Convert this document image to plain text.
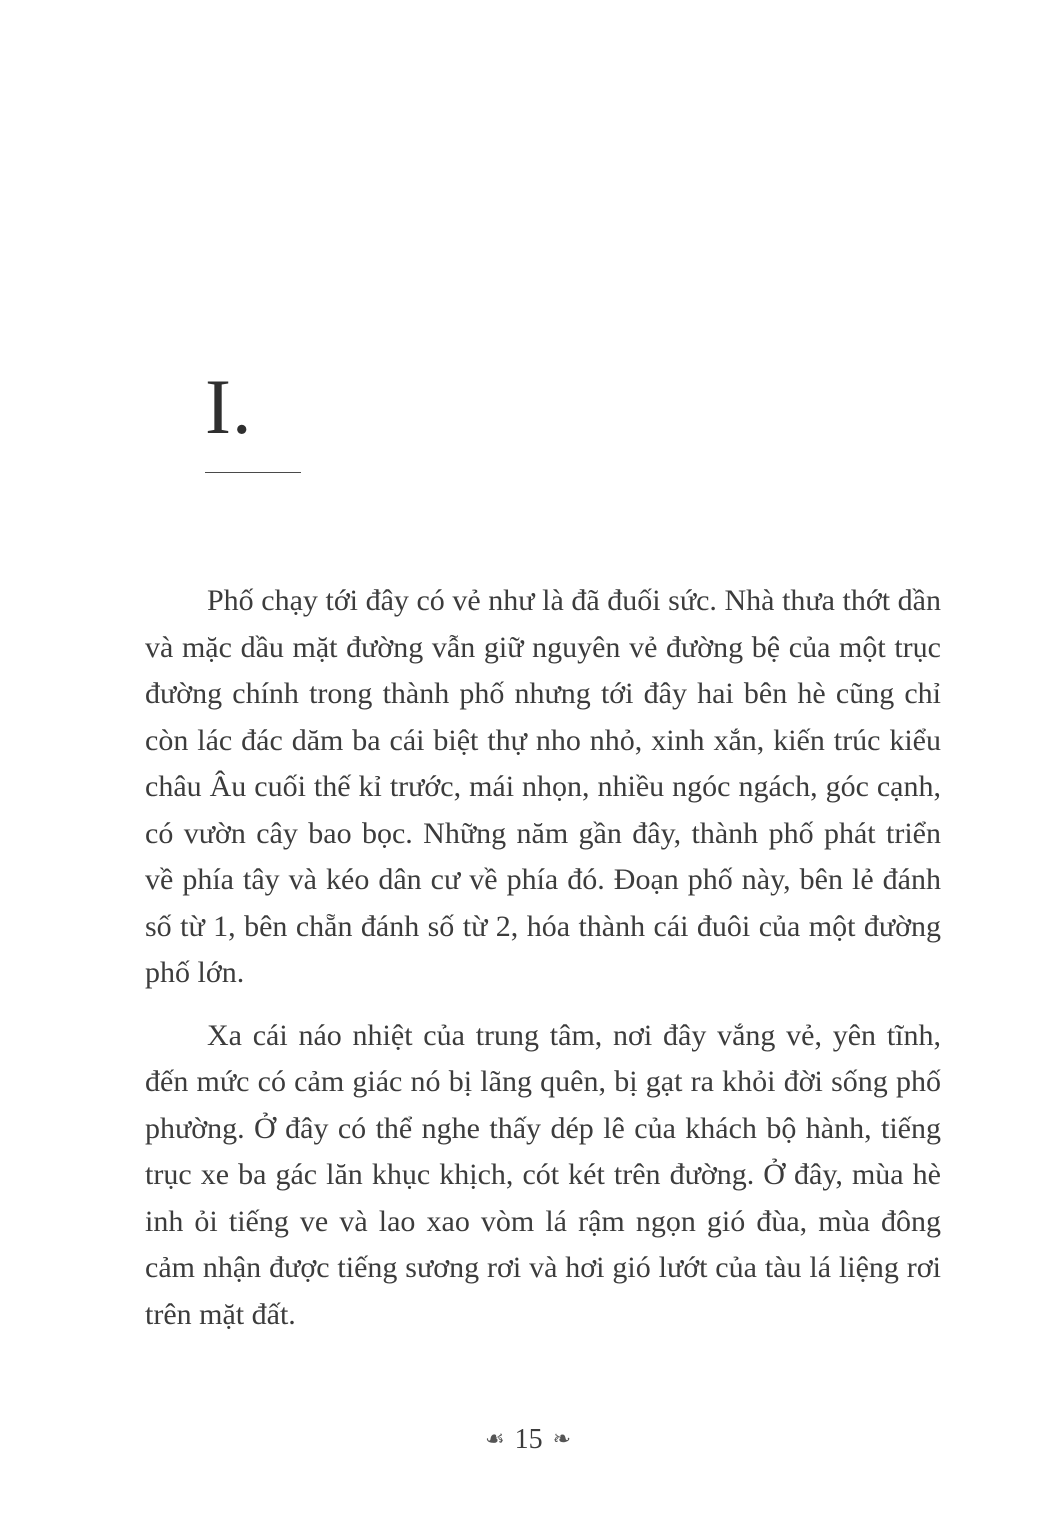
I.

Phố chạy tới đây có vẻ như là đã đuối sức. Nhà thưa thớt dần và mặc dầu mặt đường vẫn giữ nguyên vẻ đường bệ của một trục đường chính trong thành phố nhưng tới đây hai bên hè cũng chỉ còn lác đác dăm ba cái biệt thự nho nhỏ, xinh xắn, kiến trúc kiểu châu Âu cuối thế kỉ trước, mái nhọn, nhiều ngóc ngách, góc cạnh, có vườn cây bao bọc. Những năm gần đây, thành phố phát triển về phía tây và kéo dân cư về phía đó. Đoạn phố này, bên lẻ đánh số từ 1, bên chẵn đánh số từ 2, hóa thành cái đuôi của một đường phố lớn.

Xa cái náo nhiệt của trung tâm, nơi đây vắng vẻ, yên tĩnh, đến mức có cảm giác nó bị lãng quên, bị gạt ra khỏi đời sống phố phường. Ở đây có thể nghe thấy dép lê của khách bộ hành, tiếng trục xe ba gác lăn khục khịch, cót két trên đường. Ở đây, mùa hè inh ỏi tiếng ve và lao xao vòm lá rậm ngọn gió đùa, mùa đông cảm nhận được tiếng sương rơi và hơi gió lướt của tàu lá liệng rơi trên mặt đất.

☙ 15 ❧
